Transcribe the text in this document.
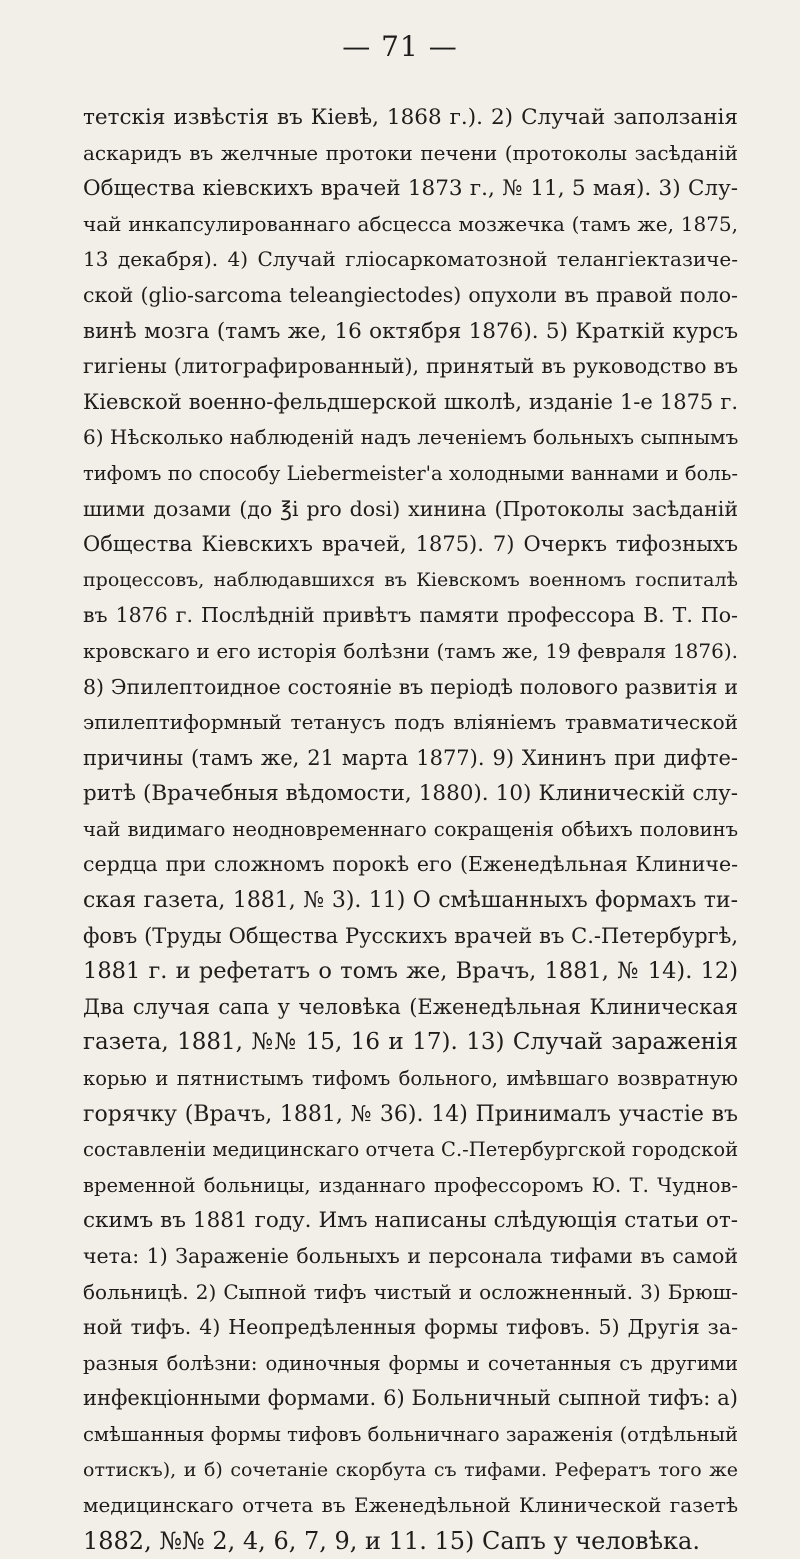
— 71 —
тетскія извѣстія въ Кіевѣ, 1868 г.). 2) Случай заползанія
аскаридъ въ желчные протоки печени (протоколы засѣданій
Общества кіевскихъ врачей 1873 г., № 11, 5 мая). 3) Слу-
чай инкапсулированнаго абсцесса мозжечка (тамъ же, 1875,
13 декабря). 4) Случай гліосаркоматозной телангіектазиче-
ской (glio-sarcoma teleangiectodes) опухоли въ правой поло-
винѣ мозга (тамъ же, 16 октября 1876). 5) Краткій курсъ
гигіены (литографированный), принятый въ руководство въ
Кіевской военно-фельдшерской школѣ, изданіе 1-е 1875 г.
6) Нѣсколько наблюденій надъ леченіемъ больныхъ сыпнымъ
тифомъ по способу Liebermeister'а холодными ваннами и боль-
шими дозами (до ℥i pro dosi) хинина (Протоколы засѣданій
Общества Кіевскихъ врачей, 1875). 7) Очеркъ тифозныхъ
процессовъ, наблюдавшихся въ Кіевскомъ военномъ госпиталѣ
въ 1876 г. Послѣдній привѣтъ памяти профессора В. Т. По-
кровскаго и его исторія болѣзни (тамъ же, 19 февраля 1876).
8) Эпилептоидное состояніе въ періодѣ полового развитія и
эпилептиформный тетанусъ подъ вліяніемъ травматической
причины (тамъ же, 21 марта 1877). 9) Хининъ при дифте-
ритѣ (Врачебныя вѣдомости, 1880). 10) Клиническій слу-
чай видимаго неодновременнаго сокращенія обѣихъ половинъ
сердца при сложномъ порокѣ его (Еженедѣльная Клиниче-
ская газета, 1881, № 3). 11) О смѣшанныхъ формахъ ти-
фовъ (Труды Общества Русскихъ врачей въ С.-Петербургѣ,
1881 г. и рефетатъ о томъ же, Врачъ, 1881, № 14). 12)
Два случая сапа у человѣка (Еженедѣльная Клиническая
газета, 1881, №№ 15, 16 и 17). 13) Случай зараженія
корью и пятнистымъ тифомъ больного, имѣвшаго возвратную
горячку (Врачъ, 1881, № 36). 14) Принималъ участіе въ
составленіи медицинскаго отчета С.-Петербургской городской
временной больницы, изданнаго профессоромъ Ю. Т. Чуднов-
скимъ въ 1881 году. Имъ написаны слѣдующія статьи от-
чета: 1) Зараженіе больныхъ и персонала тифами въ самой
больницѣ. 2) Сыпной тифъ чистый и осложненный. 3) Брюш-
ной тифъ. 4) Неопредѣленныя формы тифовъ. 5) Другія за-
разныя болѣзни: одиночныя формы и сочетанныя съ другими
инфекціонными формами. 6) Больничный сыпной тифъ: а)
смѣшанныя формы тифовъ больничнаго зараженія (отдѣльный
оттискъ), и б) сочетаніе скорбута съ тифами. Рефератъ того же
медицинскаго отчета въ Еженедѣльной Клинической газетѣ
1882, №№ 2, 4, 6, 7, 9, и 11. 15) Сапъ у человѣка.
